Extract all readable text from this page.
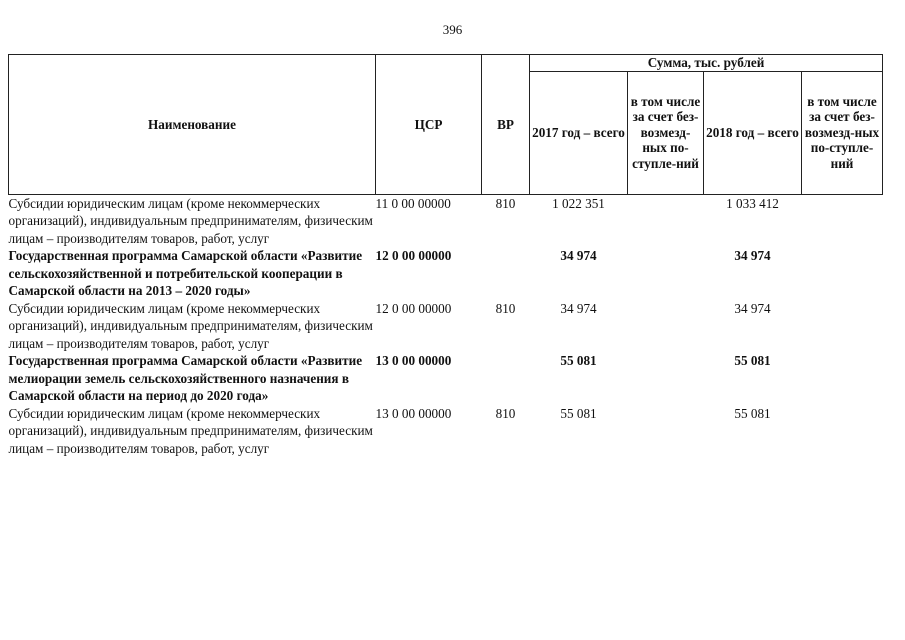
396
Наименование	ЦСР	ВР	Сумма, тыс. рублей			
			2017 год – всего	в том числе за счет без-возмезд-ных по-ступле-ний	2018 год – всего	в том числе за счет без-возмезд-ных по-ступле-ний
Субсидии юридическим лицам (кроме некоммерческих организаций), индивидуальным предпринимателям, физическим лицам – производителям товаров, работ, услуг	11 0 00 00000	810	1 022 351		1 033 412	
Государственная программа Самарской области «Развитие сельскохозяйственной и потребительской кооперации в Самарской области на 2013 – 2020 годы»	12 0 00 00000		34 974		34 974	
Субсидии юридическим лицам (кроме некоммерческих организаций), индивидуальным предпринимателям, физическим лицам – производителям товаров, работ, услуг	12 0 00 00000	810	34 974		34 974	
Государственная программа Самарской области «Развитие мелиорации земель сельскохозяйственного назначения в Самарской области на период до 2020 года»	13 0 00 00000		55 081		55 081	
Субсидии юридическим лицам (кроме некоммерческих организаций), индивидуальным предпринимателям, физическим лицам – производителям товаров, работ, услуг	13 0 00 00000	810	55 081		55 081	
